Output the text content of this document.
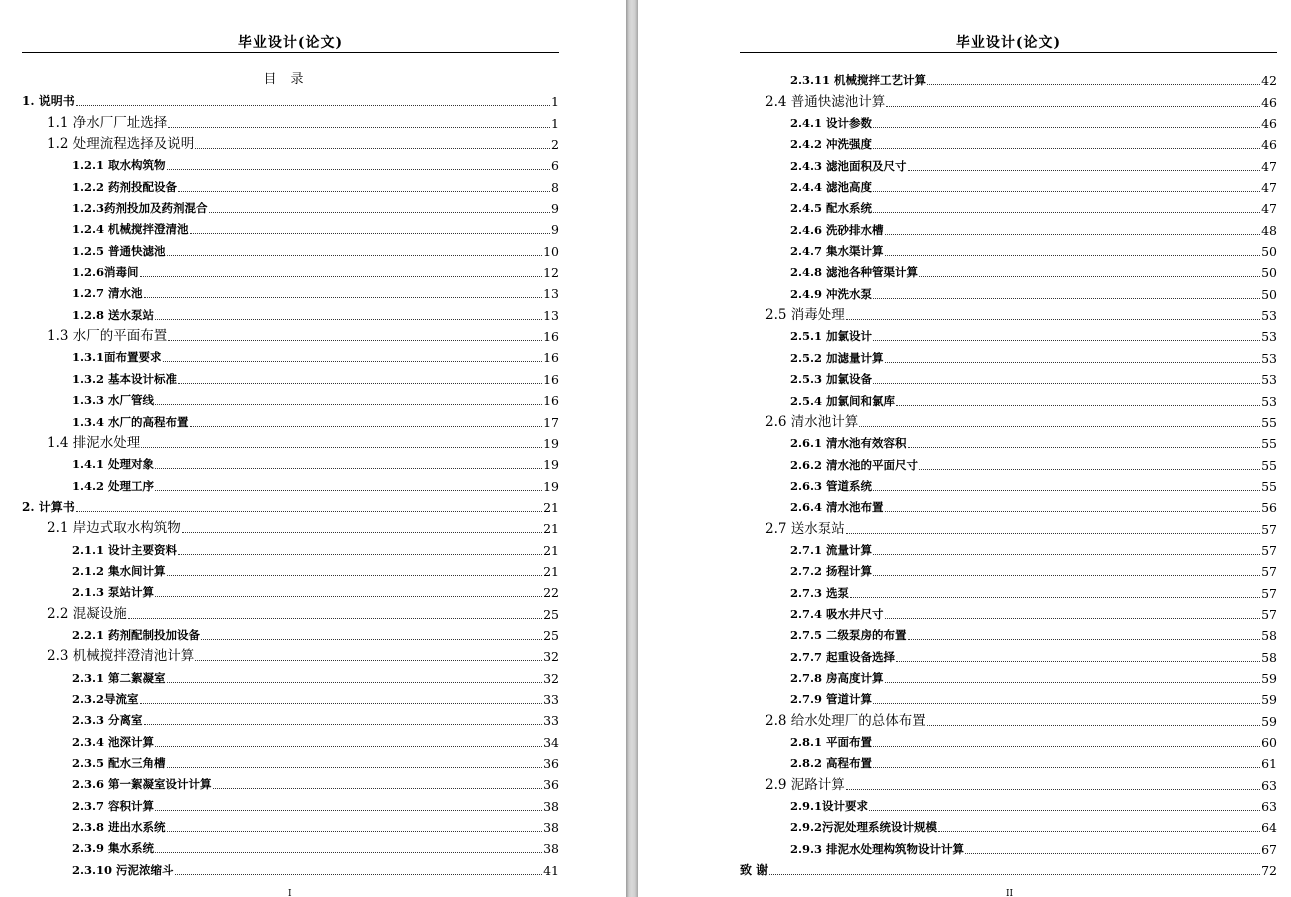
毕业设计(论文)
目录
1. 说明书	1
1.1 净水厂厂址选择	1
1.2 处理流程选择及说明	2
1.2.1 取水构筑物	6
1.2.2 药剂投配设备	8
1.2.3药剂投加及药剂混合	9
1.2.4 机械搅拌澄清池	9
1.2.5 普通快滤池	10
1.2.6消毒间	12
1.2.7 清水池	13
1.2.8 送水泵站	13
1.3 水厂的平面布置	16
1.3.1面布置要求	16
1.3.2 基本设计标准	16
1.3.3 水厂管线	16
1.3.4 水厂的高程布置	17
1.4 排泥水处理	19
1.4.1 处理对象	19
1.4.2 处理工序	19
2. 计算书	21
2.1 岸边式取水构筑物	21
2.1.1 设计主要资料	21
2.1.2 集水间计算	21
2.1.3 泵站计算	22
2.2 混凝设施	25
2.2.1 药剂配制投加设备	25
2.3 机械搅拌澄清池计算	32
2.3.1 第二絮凝室	32
2.3.2导流室	33
2.3.3 分离室	33
2.3.4 池深计算	34
2.3.5 配水三角槽	36
2.3.6 第一絮凝室设计计算	36
2.3.7 容积计算	38
2.3.8 进出水系统	38
2.3.9 集水系统	38
2.3.10 污泥浓缩斗	41
I
毕业设计(论文)
2.3.11 机械搅拌工艺计算	42
2.4 普通快滤池计算	46
2.4.1 设计参数	46
2.4.2 冲洗强度	46
2.4.3 滤池面积及尺寸	47
2.4.4 滤池高度	47
2.4.5 配水系统	47
2.4.6 洗砂排水槽	48
2.4.7 集水渠计算	50
2.4.8 滤池各种管渠计算	50
2.4.9 冲洗水泵	50
2.5 消毒处理	53
2.5.1 加氯设计	53
2.5.2 加滤量计算	53
2.5.3 加氯设备	53
2.5.4 加氯间和氯库	53
2.6 清水池计算	55
2.6.1 清水池有效容积	55
2.6.2 清水池的平面尺寸	55
2.6.3 管道系统	55
2.6.4 清水池布置	56
2.7 送水泵站	57
2.7.1 流量计算	57
2.7.2 扬程计算	57
2.7.3 选泵	57
2.7.4 吸水井尺寸	57
2.7.5 二级泵房的布置	58
2.7.7 起重设备选择	58
2.7.8 房高度计算	59
2.7.9 管道计算	59
2.8 给水处理厂的总体布置	59
2.8.1 平面布置	60
2.8.2 高程布置	61
2.9 泥路计算	63
2.9.1设计要求	63
2.9.2污泥处理系统设计规模	64
2.9.3 排泥水处理构筑物设计计算	67
致 谢	72
II
